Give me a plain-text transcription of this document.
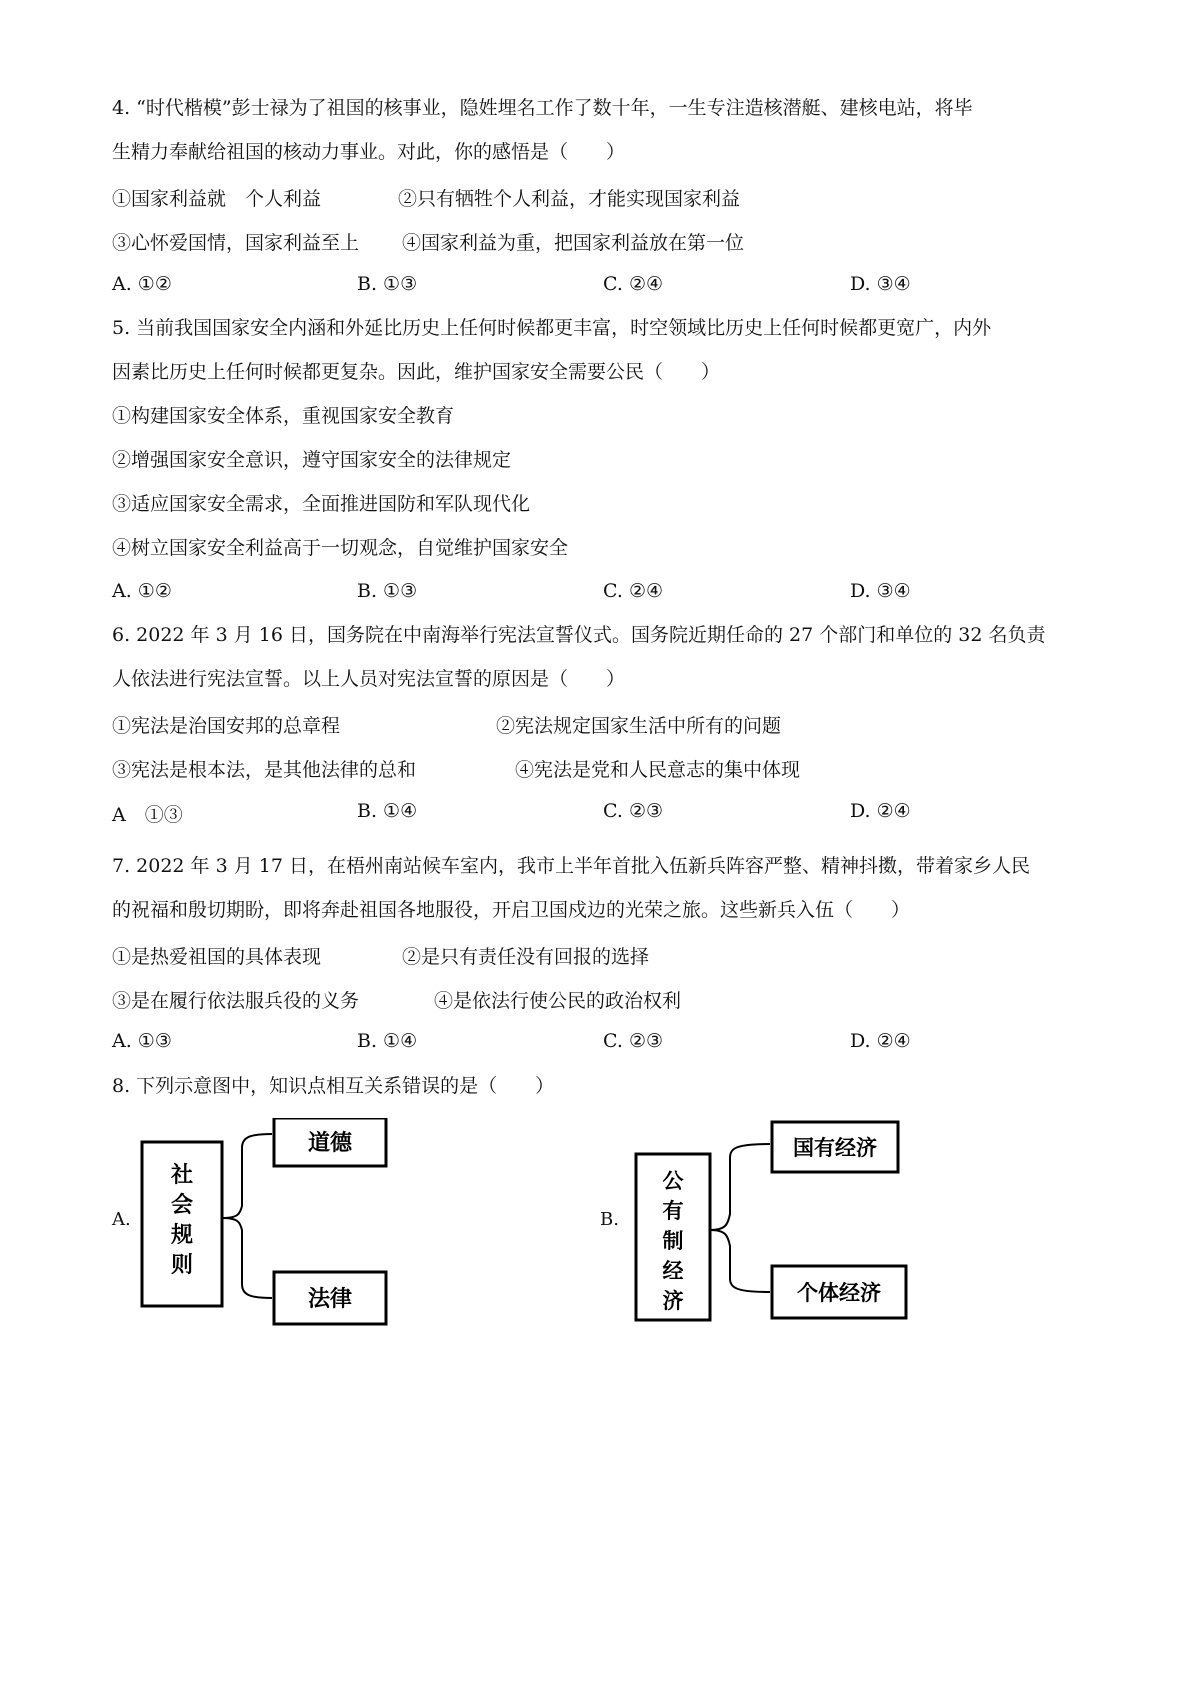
4. “时代楷模”彭士禄为了祖国的核事业，隐姓埋名工作了数十年，一生专注造核潜艇、建核电站，将毕
生精力奉献给祖国的核动力事业。对此，你的感悟是（　　）
①国家利益就　个人利益	②只有牺牲个人利益，才能实现国家利益
③心怀爱国情，国家利益至上 ④国家利益为重，把国家利益放在第一位
A. ①②	B. ①③	C. ②④	D. ③④
5. 当前我国国家安全内涵和外延比历史上任何时候都更丰富，时空领域比历史上任何时候都更宽广，内外
因素比历史上任何时候都更复杂。因此，维护国家安全需要公民（　　）
①构建国家安全体系，重视国家安全教育
②增强国家安全意识，遵守国家安全的法律规定
③适应国家安全需求，全面推进国防和军队现代化
④树立国家安全利益高于一切观念，自觉维护国家安全
A. ①②	B. ①③	C. ②④	D. ③④
6. 2022 年 3 月 16 日，国务院在中南海举行宪法宣誓仪式。国务院近期任命的 27 个部门和单位的 32 名负责
人依法进行宪法宣誓。以上人员对宪法宣誓的原因是（　　）
①宪法是治国安邦的总章程	②宪法规定国家生活中所有的问题
③宪法是根本法，是其他法律的总和	④宪法是党和人民意志的集中体现
A　①③	B. ①④	C. ②③	D. ②④
7. 2022 年 3 月 17 日，在梧州南站候车室内，我市上半年首批入伍新兵阵容严整、精神抖擞，带着家乡人民
的祝福和殷切期盼，即将奔赴祖国各地服役，开启卫国戍边的光荣之旅。这些新兵入伍（　　）
①是热爱祖国的具体表现	②是只有责任没有回报的选择
③是在履行依法服兵役的义务	④是依法行使公民的政治权利
A. ①③	B. ①④	C. ②③	D. ②④
8. 下列示意图中，知识点相互关系错误的是（　　）
A.
社
会
规
则
道德
法律
B.
公
有
制
经
济
国有经济
个体经济
